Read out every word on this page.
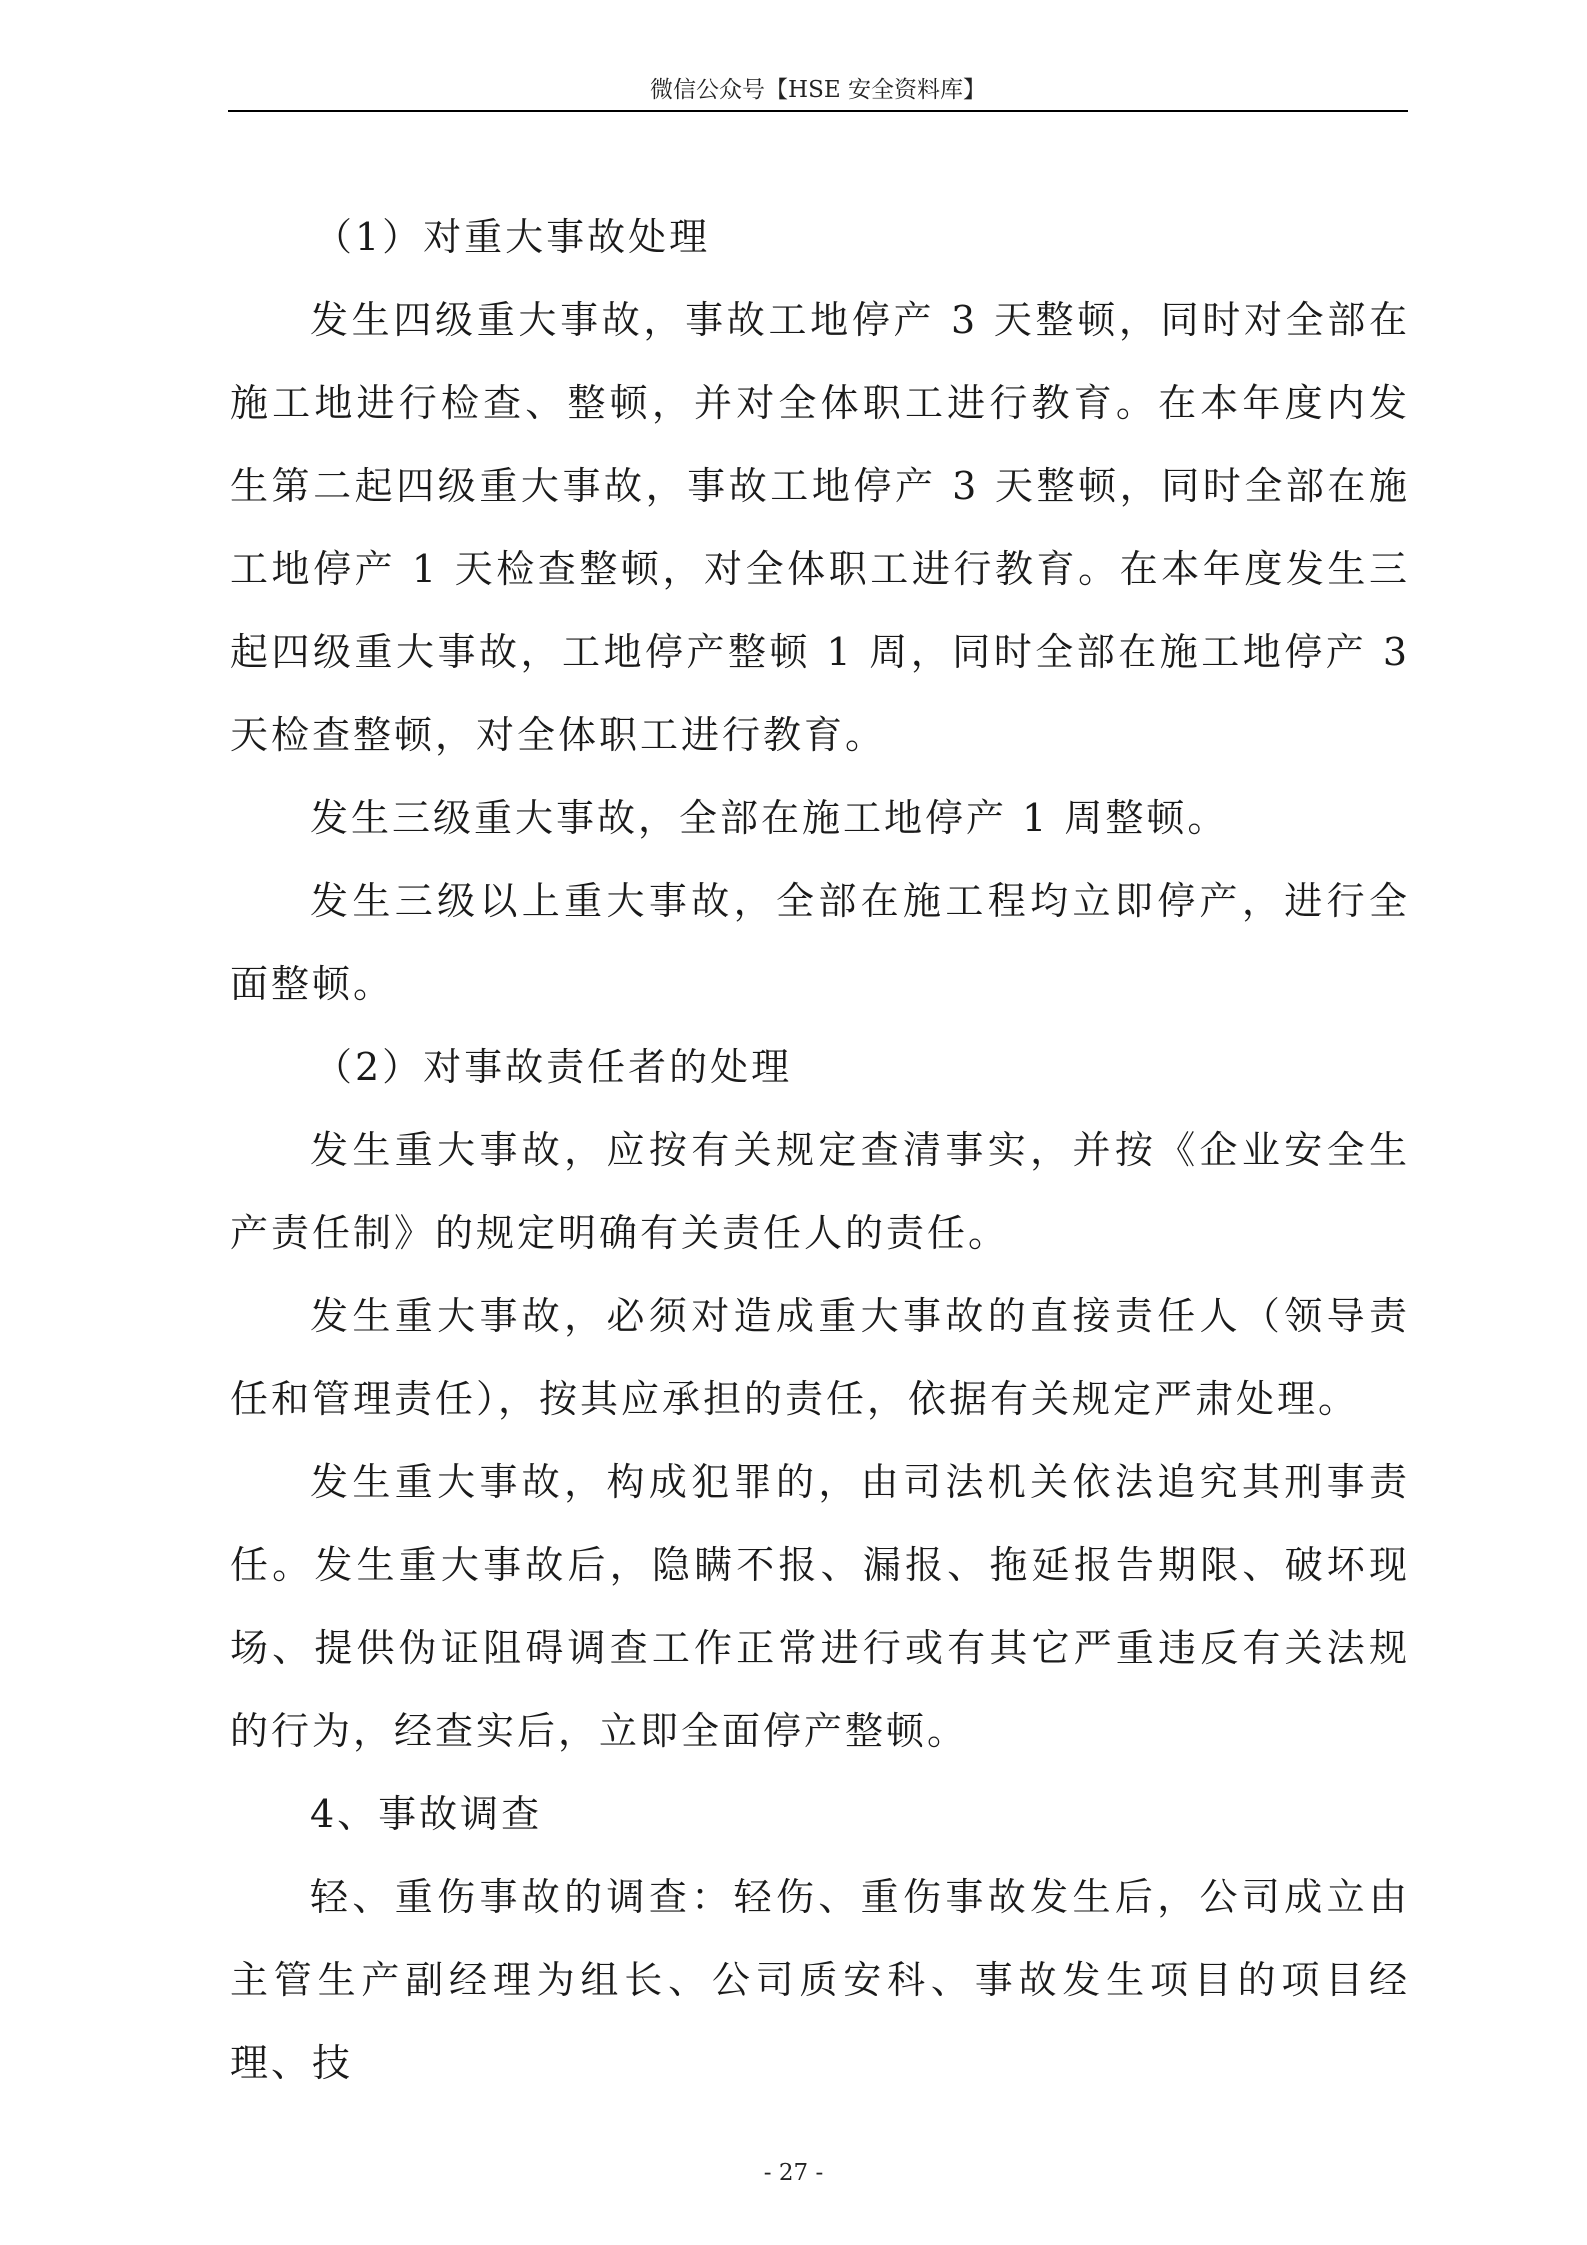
微信公众号【HSE 安全资料库】

（1）对重大事故处理

发生四级重大事故，事故工地停产 3 天整顿，同时对全部在施工地进行检查、整顿，并对全体职工进行教育。在本年度内发生第二起四级重大事故，事故工地停产 3 天整顿，同时全部在施工地停产 1 天检查整顿，对全体职工进行教育。在本年度发生三起四级重大事故，工地停产整顿 1 周，同时全部在施工地停产 3 天检查整顿，对全体职工进行教育。

发生三级重大事故，全部在施工地停产 1 周整顿。

发生三级以上重大事故，全部在施工程均立即停产，进行全面整顿。

（2）对事故责任者的处理

发生重大事故，应按有关规定查清事实，并按《企业安全生产责任制》的规定明确有关责任人的责任。

发生重大事故，必须对造成重大事故的直接责任人（领导责任和管理责任），按其应承担的责任，依据有关规定严肃处理。

发生重大事故，构成犯罪的，由司法机关依法追究其刑事责任。发生重大事故后，隐瞒不报、漏报、拖延报告期限、破坏现场、提供伪证阻碍调查工作正常进行或有其它严重违反有关法规的行为，经查实后，立即全面停产整顿。

4、事故调查

轻、重伤事故的调查：轻伤、重伤事故发生后，公司成立由主管生产副经理为组长、公司质安科、事故发生项目的项目经理、技

- 27 -
